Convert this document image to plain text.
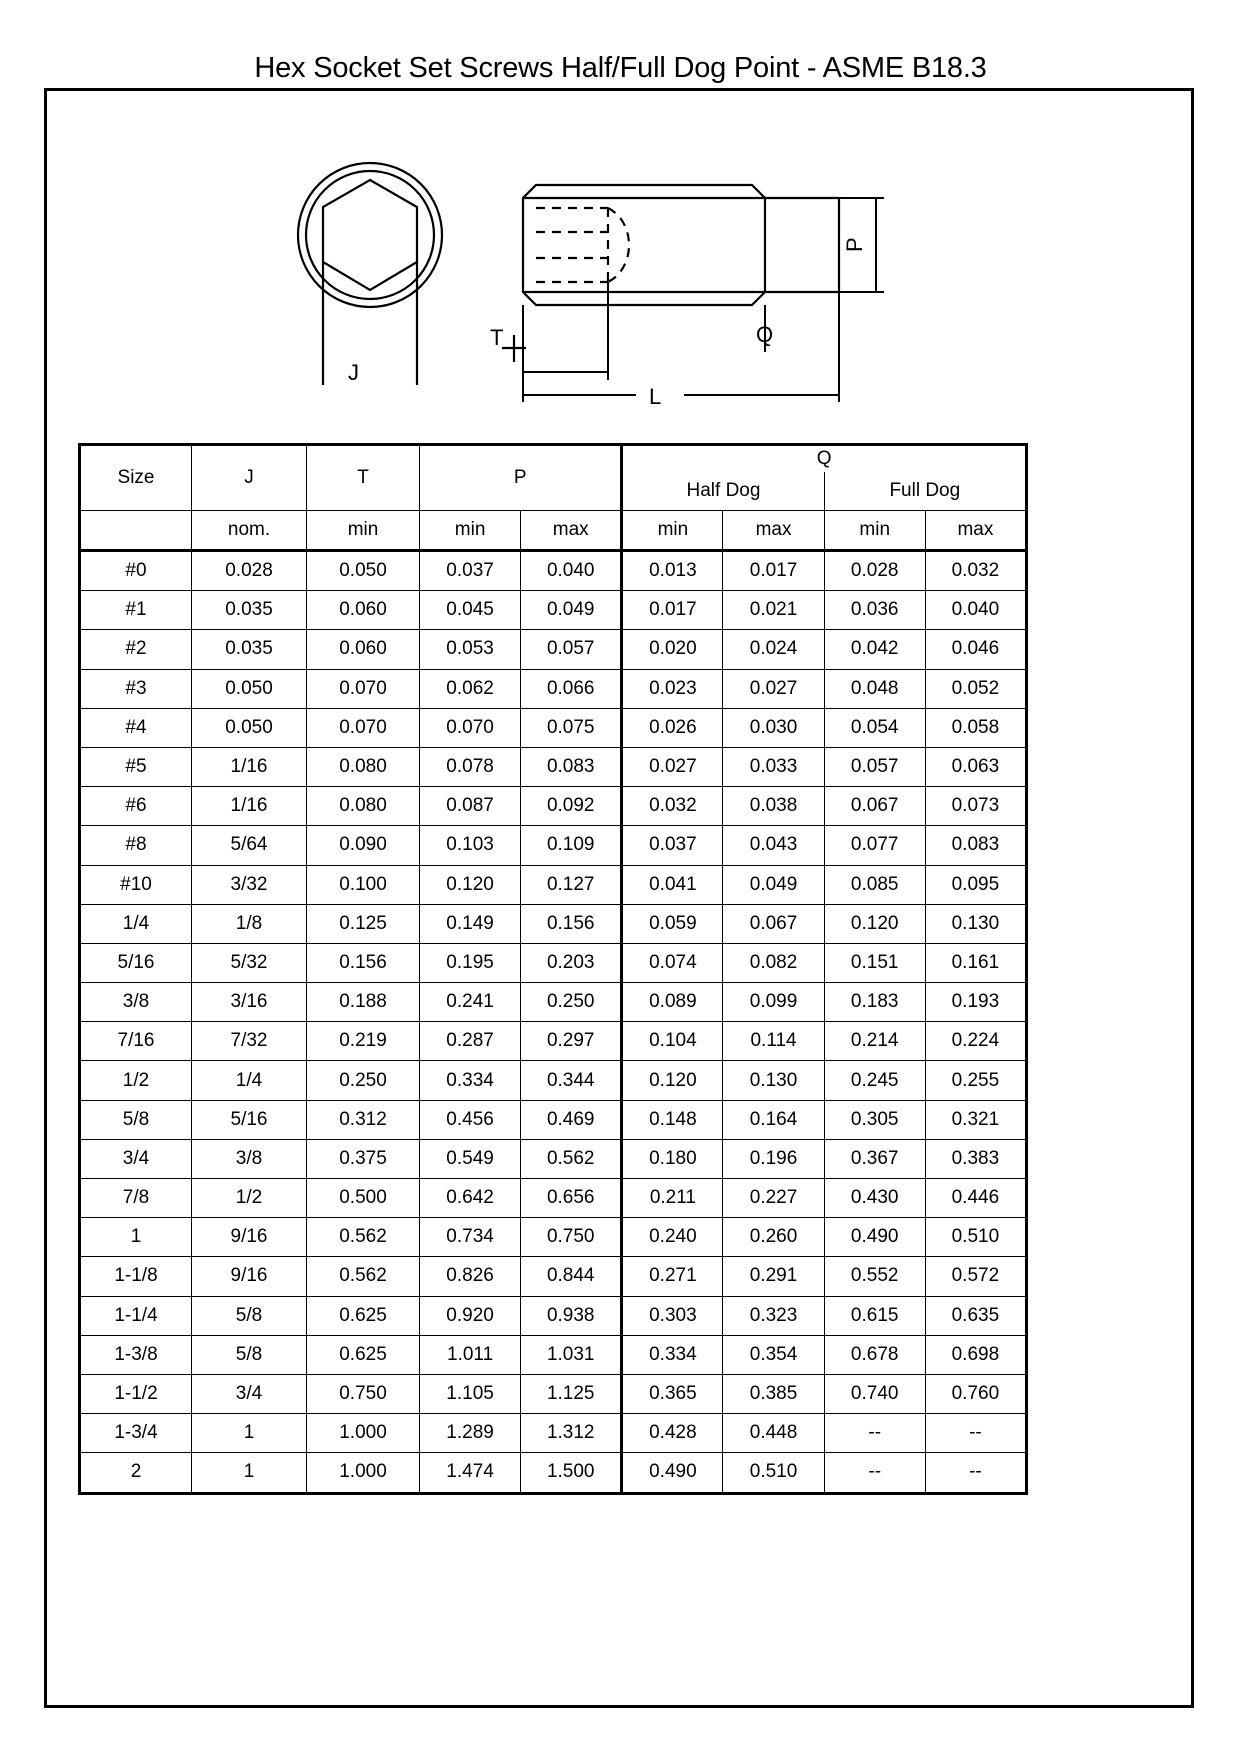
Hex Socket Set Screws Half/Full Dog Point - ASME B18.3
J
T
P
Q
L
Size	J	T	P		Q			
					Half Dog		Full Dog	
	nom.	min	min	max	min	max	min	max
#0	0.028	0.050	0.037	0.040	0.013	0.017	0.028	0.032
#1	0.035	0.060	0.045	0.049	0.017	0.021	0.036	0.040
#2	0.035	0.060	0.053	0.057	0.020	0.024	0.042	0.046
#3	0.050	0.070	0.062	0.066	0.023	0.027	0.048	0.052
#4	0.050	0.070	0.070	0.075	0.026	0.030	0.054	0.058
#5	1/16	0.080	0.078	0.083	0.027	0.033	0.057	0.063
#6	1/16	0.080	0.087	0.092	0.032	0.038	0.067	0.073
#8	5/64	0.090	0.103	0.109	0.037	0.043	0.077	0.083
#10	3/32	0.100	0.120	0.127	0.041	0.049	0.085	0.095
1/4	1/8	0.125	0.149	0.156	0.059	0.067	0.120	0.130
5/16	5/32	0.156	0.195	0.203	0.074	0.082	0.151	0.161
3/8	3/16	0.188	0.241	0.250	0.089	0.099	0.183	0.193
7/16	7/32	0.219	0.287	0.297	0.104	0.114	0.214	0.224
1/2	1/4	0.250	0.334	0.344	0.120	0.130	0.245	0.255
5/8	5/16	0.312	0.456	0.469	0.148	0.164	0.305	0.321
3/4	3/8	0.375	0.549	0.562	0.180	0.196	0.367	0.383
7/8	1/2	0.500	0.642	0.656	0.211	0.227	0.430	0.446
1	9/16	0.562	0.734	0.750	0.240	0.260	0.490	0.510
1-1/8	9/16	0.562	0.826	0.844	0.271	0.291	0.552	0.572
1-1/4	5/8	0.625	0.920	0.938	0.303	0.323	0.615	0.635
1-3/8	5/8	0.625	1.011	1.031	0.334	0.354	0.678	0.698
1-1/2	3/4	0.750	1.105	1.125	0.365	0.385	0.740	0.760
1-3/4	1	1.000	1.289	1.312	0.428	0.448	--	--
2	1	1.000	1.474	1.500	0.490	0.510	--	--
